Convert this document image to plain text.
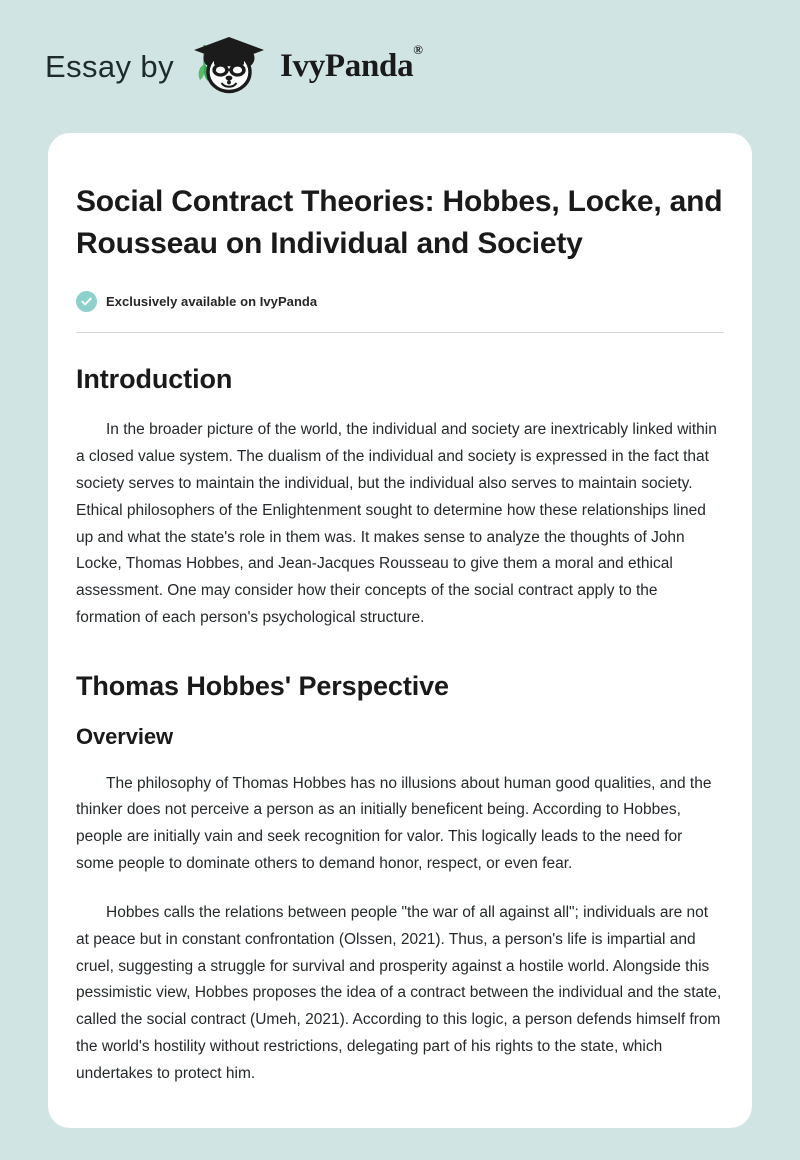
Essay by	IvyPanda®
Social Contract Theories: Hobbes, Locke, and Rousseau on Individual and Society
Exclusively available on IvyPanda
Introduction

In the broader picture of the world, the individual and society are inextricably linked within a closed value system. The dualism of the individual and society is expressed in the fact that society serves to maintain the individual, but the individual also serves to maintain society. Ethical philosophers of the Enlightenment sought to determine how these relationships lined up and what the state's role in them was. It makes sense to analyze the thoughts of John Locke, Thomas Hobbes, and Jean-Jacques Rousseau to give them a moral and ethical assessment. One may consider how their concepts of the social contract apply to the formation of each person's psychological structure.

Thomas Hobbes' Perspective
Overview

The philosophy of Thomas Hobbes has no illusions about human good qualities, and the thinker does not perceive a person as an initially beneficent being. According to Hobbes, people are initially vain and seek recognition for valor. This logically leads to the need for some people to dominate others to demand honor, respect, or even fear.

Hobbes calls the relations between people "the war of all against all"; individuals are not at peace but in constant confrontation (Olssen, 2021). Thus, a person's life is impartial and cruel, suggesting a struggle for survival and prosperity against a hostile world. Alongside this pessimistic view, Hobbes proposes the idea of a contract between the individual and the state, called the social contract (Umeh, 2021). According to this logic, a person defends himself from the world's hostility without restrictions, delegating part of his rights to the state, which undertakes to protect him.
